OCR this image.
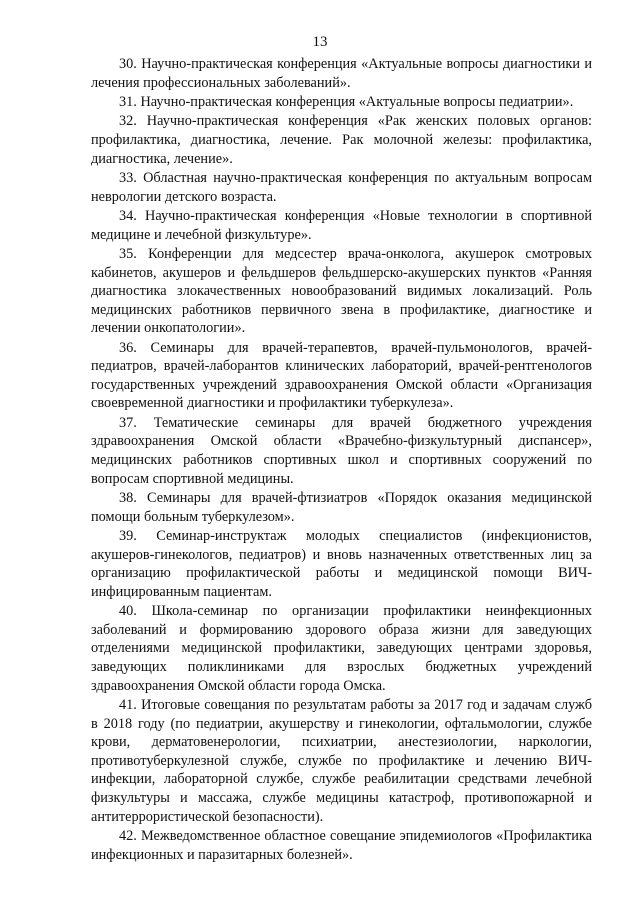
13

30. Научно-практическая конференция «Актуальные вопросы диагностики и лечения профессиональных заболеваний».

31. Научно-практическая конференция «Актуальные вопросы педиатрии».

32. Научно-практическая конференция «Рак женских половых органов: профилактика, диагностика, лечение. Рак молочной железы: профилактика, диагностика, лечение».

33. Областная научно-практическая конференция по актуальным вопросам неврологии детского возраста.

34. Научно-практическая конференция «Новые технологии в спортивной медицине и лечебной физкультуре».

35. Конференции для медсестер врача-онколога, акушерок смотровых кабинетов, акушеров и фельдшеров фельдшерско-акушерских пунктов «Ранняя диагностика злокачественных новообразований видимых локализаций. Роль медицинских работников первичного звена в профилактике, диагностике и лечении онкопатологии».

36. Семинары для врачей-терапевтов, врачей-пульмонологов, врачей-педиатров, врачей-лаборантов клинических лабораторий, врачей-рентгенологов государственных учреждений здравоохранения Омской области «Организация своевременной диагностики и профилактики туберкулеза».

37. Тематические семинары для врачей бюджетного учреждения здравоохранения Омской области «Врачебно-физкультурный диспансер», медицинских работников спортивных школ и спортивных сооружений по вопросам спортивной медицины.

38. Семинары для врачей-фтизиатров «Порядок оказания медицинской помощи больным туберкулезом».

39. Семинар-инструктаж молодых специалистов (инфекционистов, акушеров-гинекологов, педиатров) и вновь назначенных ответственных лиц за организацию профилактической работы и медицинской помощи ВИЧ-инфицированным пациентам.

40. Школа-семинар по организации профилактики неинфекционных заболеваний и формированию здорового образа жизни для заведующих отделениями медицинской профилактики, заведующих центрами здоровья, заведующих поликлиниками для взрослых бюджетных учреждений здравоохранения Омской области города Омска.

41. Итоговые совещания по результатам работы за 2017 год и задачам служб в 2018 году (по педиатрии, акушерству и гинекологии, офтальмологии, службе крови, дерматовенерологии, психиатрии, анестезиологии, наркологии, противотуберкулезной службе, службе по профилактике и лечению ВИЧ-инфекции, лабораторной службе, службе реабилитации средствами лечебной физкультуры и массажа, службе медицины катастроф, противопожарной и антитеррористической безопасности).

42. Межведомственное областное совещание эпидемиологов «Профилактика инфекционных и паразитарных болезней».
